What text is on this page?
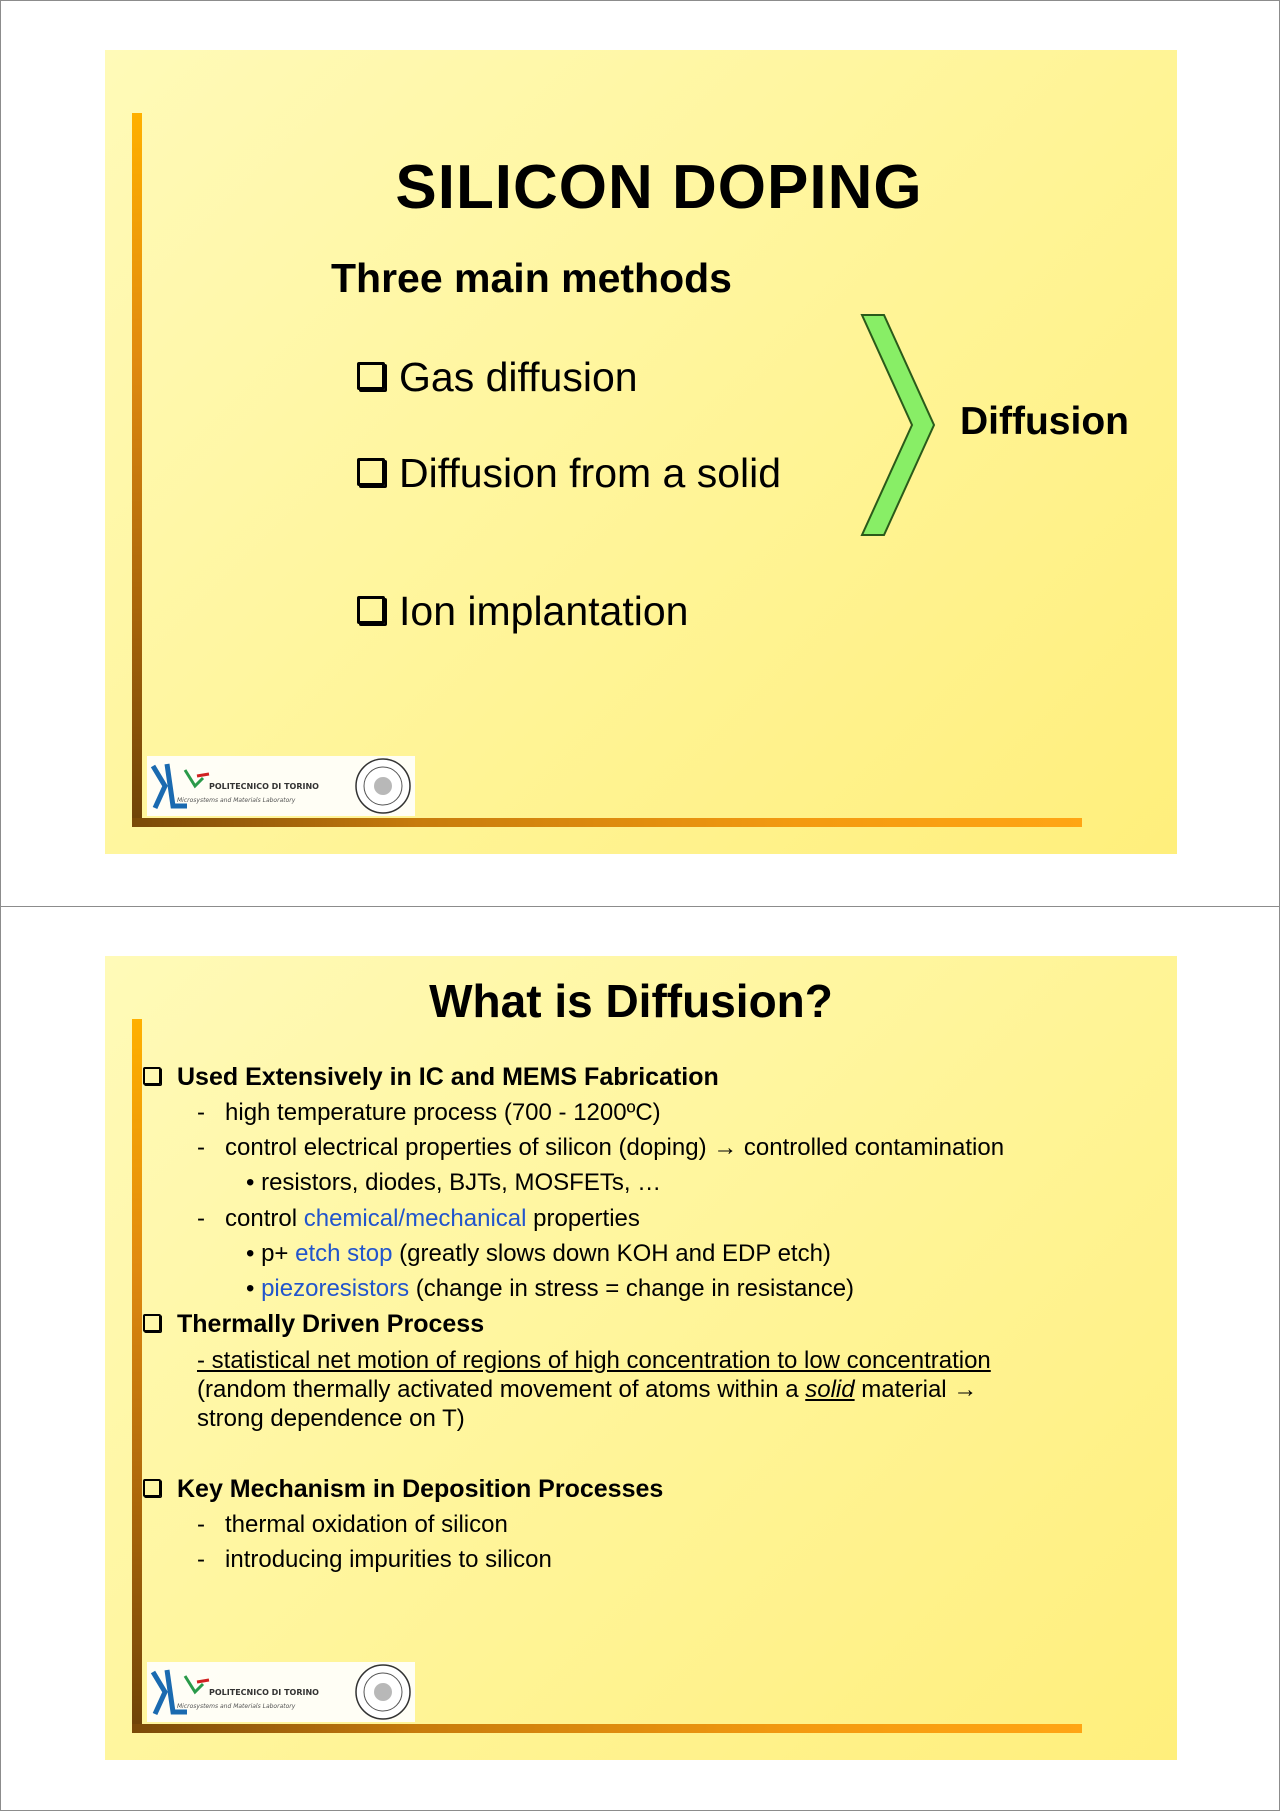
SILICON DOPING
Three main methods
Gas diffusion
Diffusion from a solid
Ion implantation
Diffusion
POLITECNICO DI TORINO
Microsystems and Materials Laboratory
What is Diffusion?
Used Extensively in IC and MEMS Fabrication
- high temperature process (700 - 1200ºC)
- control electrical properties of silicon (doping) → controlled contamination
• resistors, diodes, BJTs, MOSFETs, …
- control chemical/mechanical properties
• p+ etch stop (greatly slows down KOH and EDP etch)
• piezoresistors (change in stress = change in resistance)
Thermally Driven Process
- statistical net motion of regions of high concentration to low concentration
(random thermally activated movement of atoms within a solid material →
strong dependence on T)
Key Mechanism in Deposition Processes
- thermal oxidation of silicon
- introducing impurities to silicon
POLITECNICO DI TORINO
Microsystems and Materials Laboratory
